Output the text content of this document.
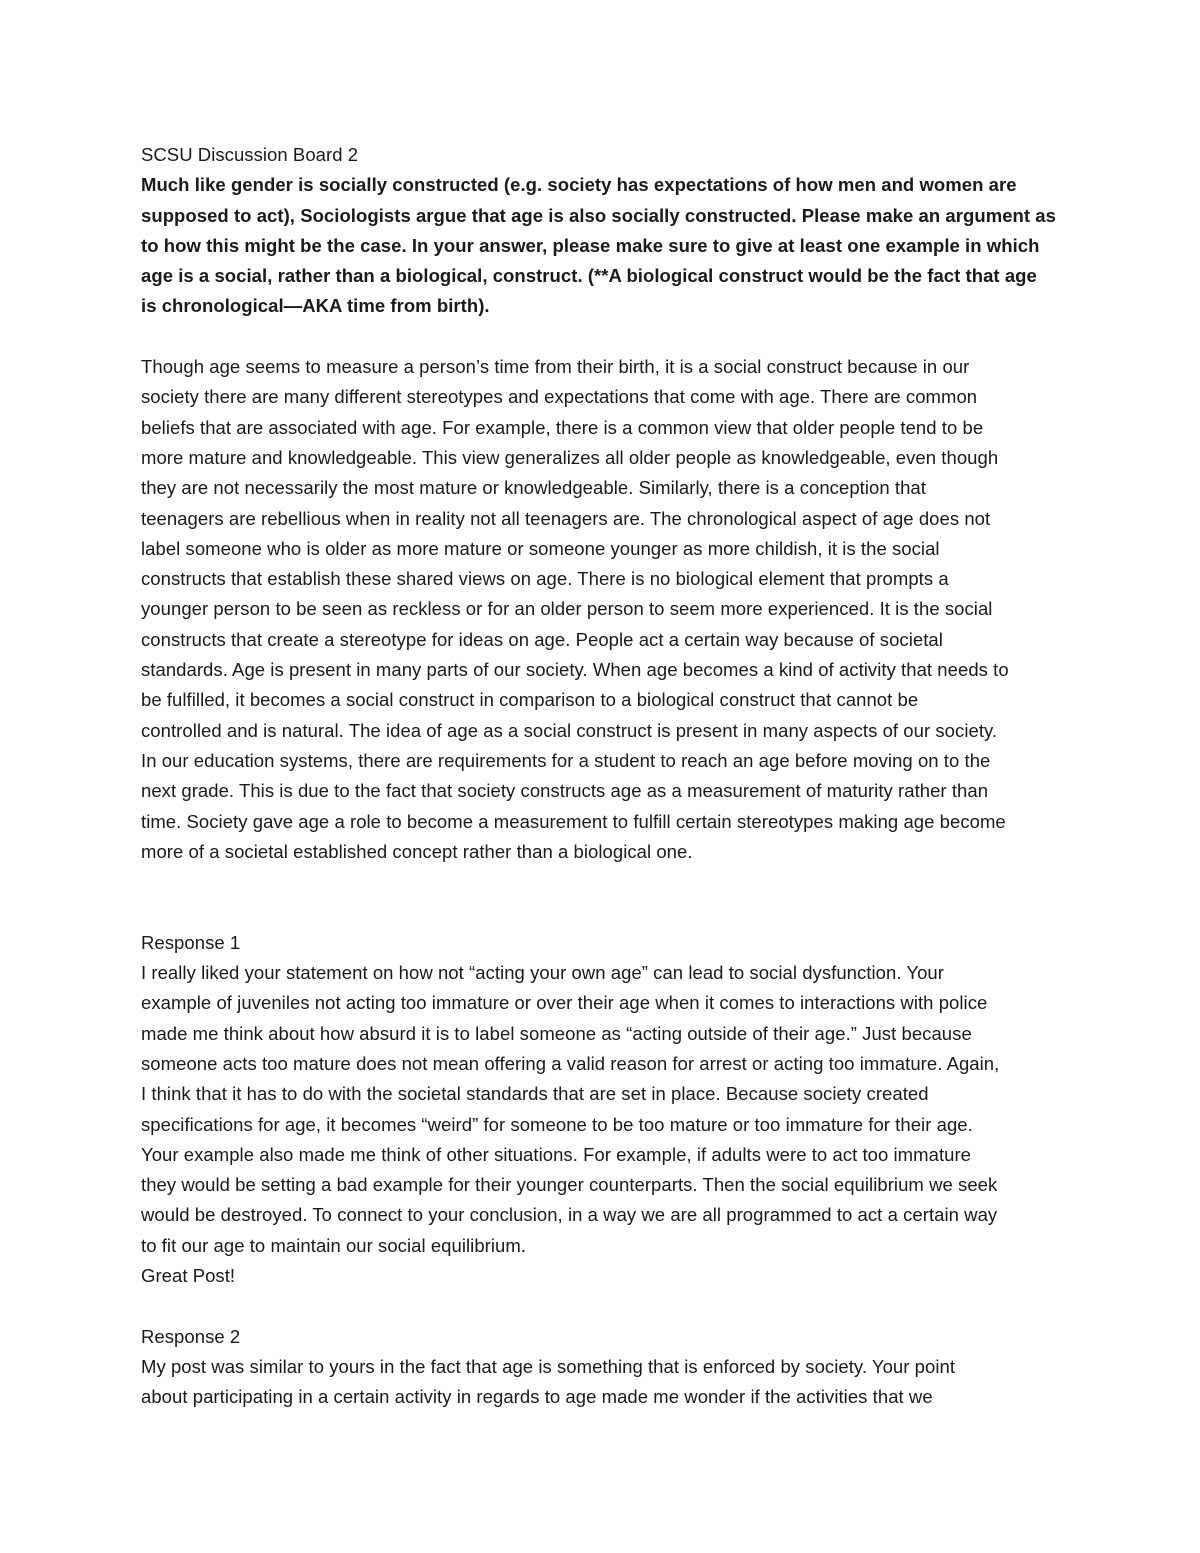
SCSU Discussion Board 2
Much like gender is socially constructed (e.g. society has expectations of how men and women are
supposed to act), Sociologists argue that age is also socially constructed. Please make an argument as
to how this might be the case. In your answer, please make sure to give at least one example in which
age is a social, rather than a biological, construct. (**A biological construct would be the fact that age
is chronological—AKA time from birth).
Though age seems to measure a person’s time from their birth, it is a social construct because in our
society there are many different stereotypes and expectations that come with age. There are common
beliefs that are associated with age. For example, there is a common view that older people tend to be
more mature and knowledgeable. This view generalizes all older people as knowledgeable, even though
they are not necessarily the most mature or knowledgeable. Similarly, there is a conception that
teenagers are rebellious when in reality not all teenagers are. The chronological aspect of age does not
label someone who is older as more mature or someone younger as more childish, it is the social
constructs that establish these shared views on age. There is no biological element that prompts a
younger person to be seen as reckless or for an older person to seem more experienced. It is the social
constructs that create a stereotype for ideas on age. People act a certain way because of societal
standards. Age is present in many parts of our society. When age becomes a kind of activity that needs to
be fulfilled, it becomes a social construct in comparison to a biological construct that cannot be
controlled and is natural. The idea of age as a social construct is present in many aspects of our society.
In our education systems, there are requirements for a student to reach an age before moving on to the
next grade. This is due to the fact that society constructs age as a measurement of maturity rather than
time. Society gave age a role to become a measurement to fulfill certain stereotypes making age become
more of a societal established concept rather than a biological one.
Response 1
I really liked your statement on how not “acting your own age” can lead to social dysfunction. Your
example of juveniles not acting too immature or over their age when it comes to interactions with police
made me think about how absurd it is to label someone as “acting outside of their age.” Just because
someone acts too mature does not mean offering a valid reason for arrest or acting too immature. Again,
I think that it has to do with the societal standards that are set in place. Because society created
specifications for age, it becomes “weird” for someone to be too mature or too immature for their age.
Your example also made me think of other situations. For example, if adults were to act too immature
they would be setting a bad example for their younger counterparts. Then the social equilibrium we seek
would be destroyed. To connect to your conclusion, in a way we are all programmed to act a certain way
to fit our age to maintain our social equilibrium.
Great Post!
Response 2
My post was similar to yours in the fact that age is something that is enforced by society. Your point
about participating in a certain activity in regards to age made me wonder if the activities that we
